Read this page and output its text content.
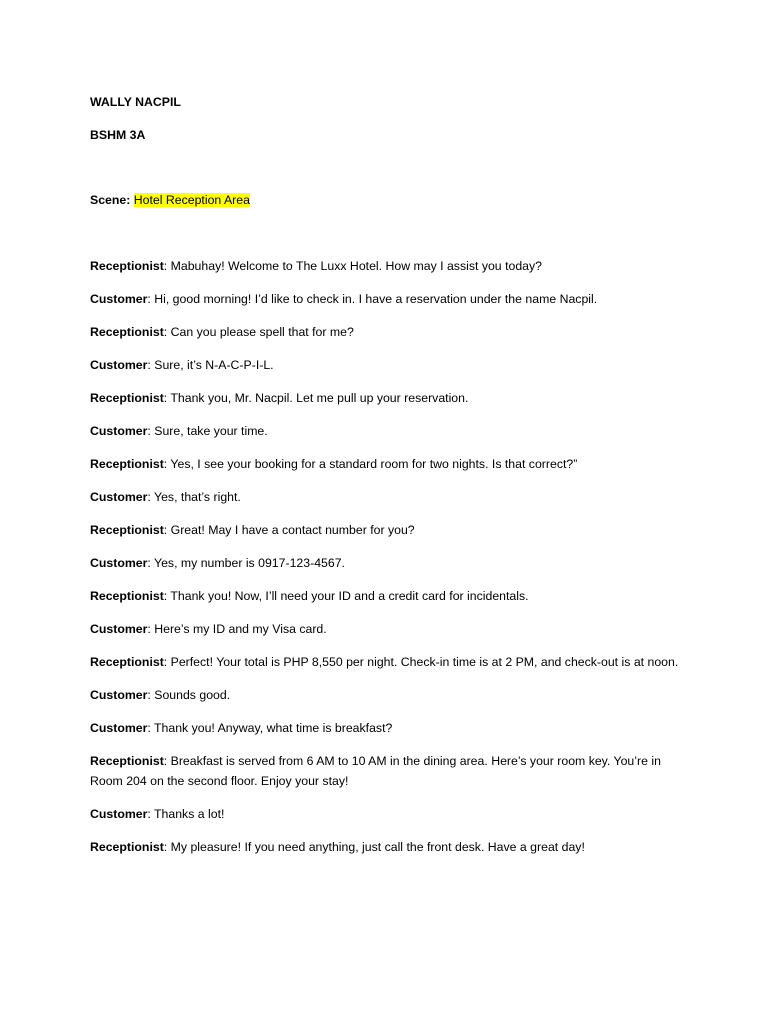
WALLY NACPIL
BSHM 3A
Scene: Hotel Reception Area
Receptionist: Mabuhay! Welcome to The Luxx Hotel. How may I assist you today?
Customer: Hi, good morning! I’d like to check in. I have a reservation under the name Nacpil.
Receptionist: Can you please spell that for me?
Customer: Sure, it’s N-A-C-P-I-L.
Receptionist: Thank you, Mr. Nacpil. Let me pull up your reservation.
Customer: Sure, take your time.
Receptionist: Yes, I see your booking for a standard room for two nights. Is that correct?”
Customer: Yes, that’s right.
Receptionist: Great! May I have a contact number for you?
Customer: Yes, my number is 0917-123-4567.
Receptionist: Thank you! Now, I’ll need your ID and a credit card for incidentals.
Customer: Here’s my ID and my Visa card.
Receptionist: Perfect! Your total is PHP 8,550 per night. Check-in time is at 2 PM, and check-out is at noon.
Customer: Sounds good.
Customer: Thank you! Anyway, what time is breakfast?
Receptionist: Breakfast is served from 6 AM to 10 AM in the dining area. Here’s your room key. You’re in Room 204 on the second floor. Enjoy your stay!
Customer: Thanks a lot!
Receptionist: My pleasure! If you need anything, just call the front desk. Have a great day!
